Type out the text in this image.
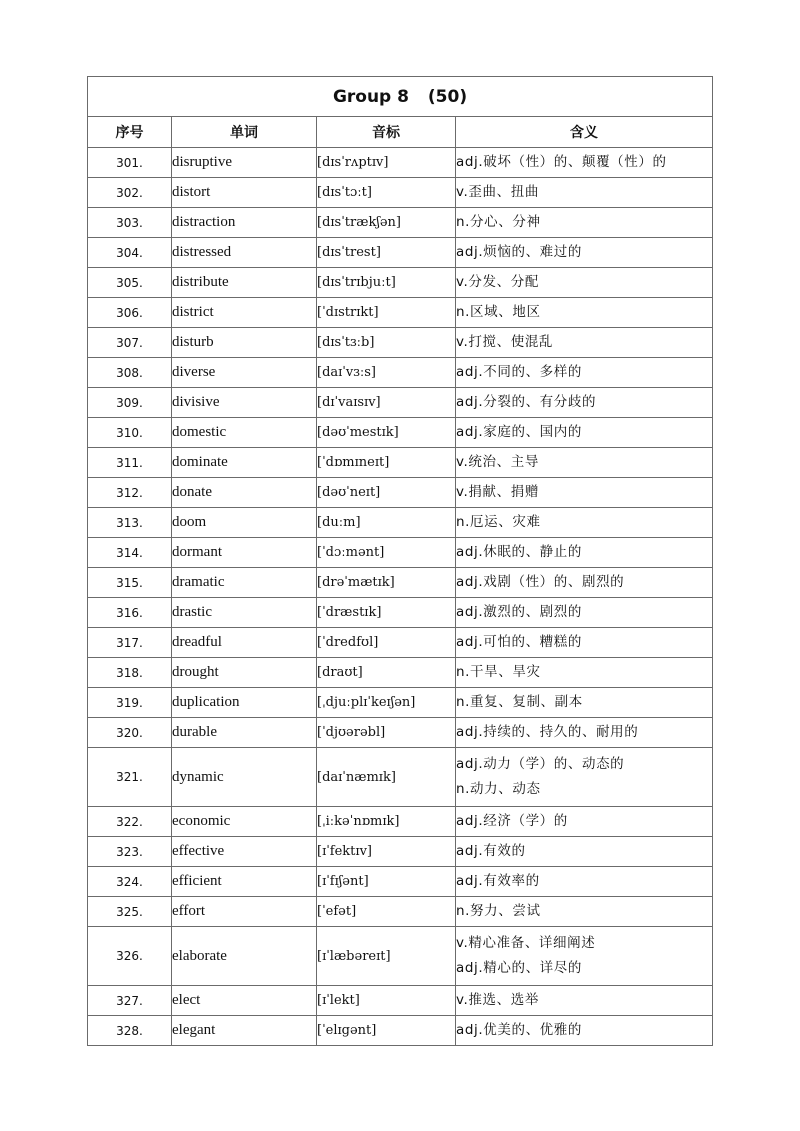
Group 8 (50)			
序号	单词	音标	含义
301.	disruptive	[dɪsˈrʌptɪv]	adj.破坏（性）的、颠覆（性）的

302.	distort	[dɪsˈtɔːt]	v.歪曲、扭曲

303.	distraction	[dɪsˈtrækʃən]	n.分心、分神

304.	distressed	[dɪsˈtrest]	adj.烦恼的、难过的

305.	distribute	[dɪsˈtrɪbjuːt]	v.分发、分配

306.	district	[ˈdɪstrɪkt]	n.区域、地区

307.	disturb	[dɪsˈtɜːb]	v.打搅、使混乱

308.	diverse	[daɪˈvɜːs]	adj.不同的、多样的

309.	divisive	[dɪˈvaɪsɪv]	adj.分裂的、有分歧的

310.	domestic	[dəʊˈmestɪk]	adj.家庭的、国内的

311.	dominate	[ˈdɒmɪneɪt]	v.统治、主导

312.	donate	[dəʊˈneɪt]	v.捐献、捐赠

313.	doom	[duːm]	n.厄运、灾难

314.	dormant	[ˈdɔːmənt]	adj.休眠的、静止的

315.	dramatic	[drəˈmætɪk]	adj.戏剧（性）的、剧烈的

316.	drastic	[ˈdræstɪk]	adj.激烈的、剧烈的

317.	dreadful	[ˈdredfʊl]	adj.可怕的、糟糕的

318.	drought	[draʊt]	n.干旱、旱灾

319.	duplication	[ˌdjuːplɪˈkeɪʃən]	n.重复、复制、副本

320.	durable	[ˈdjʊərəbl]	adj.持续的、持久的、耐用的

321.	dynamic	[daɪˈnæmɪk]	adj.动力（学）的、动态的
n.动力、动态

322.	economic	[ˌiːkəˈnɒmɪk]	adj.经济（学）的

323.	effective	[ɪˈfektɪv]	adj.有效的

324.	efficient	[ɪˈfɪʃənt]	adj.有效率的

325.	effort	[ˈefət]	n.努力、尝试

326.	elaborate	[ɪˈlæbəreɪt]	v.精心准备、详细阐述
adj.精心的、详尽的

327.	elect	[ɪˈlekt]	v.推选、选举

328.	elegant	[ˈelɪgənt]	adj.优美的、优雅的
